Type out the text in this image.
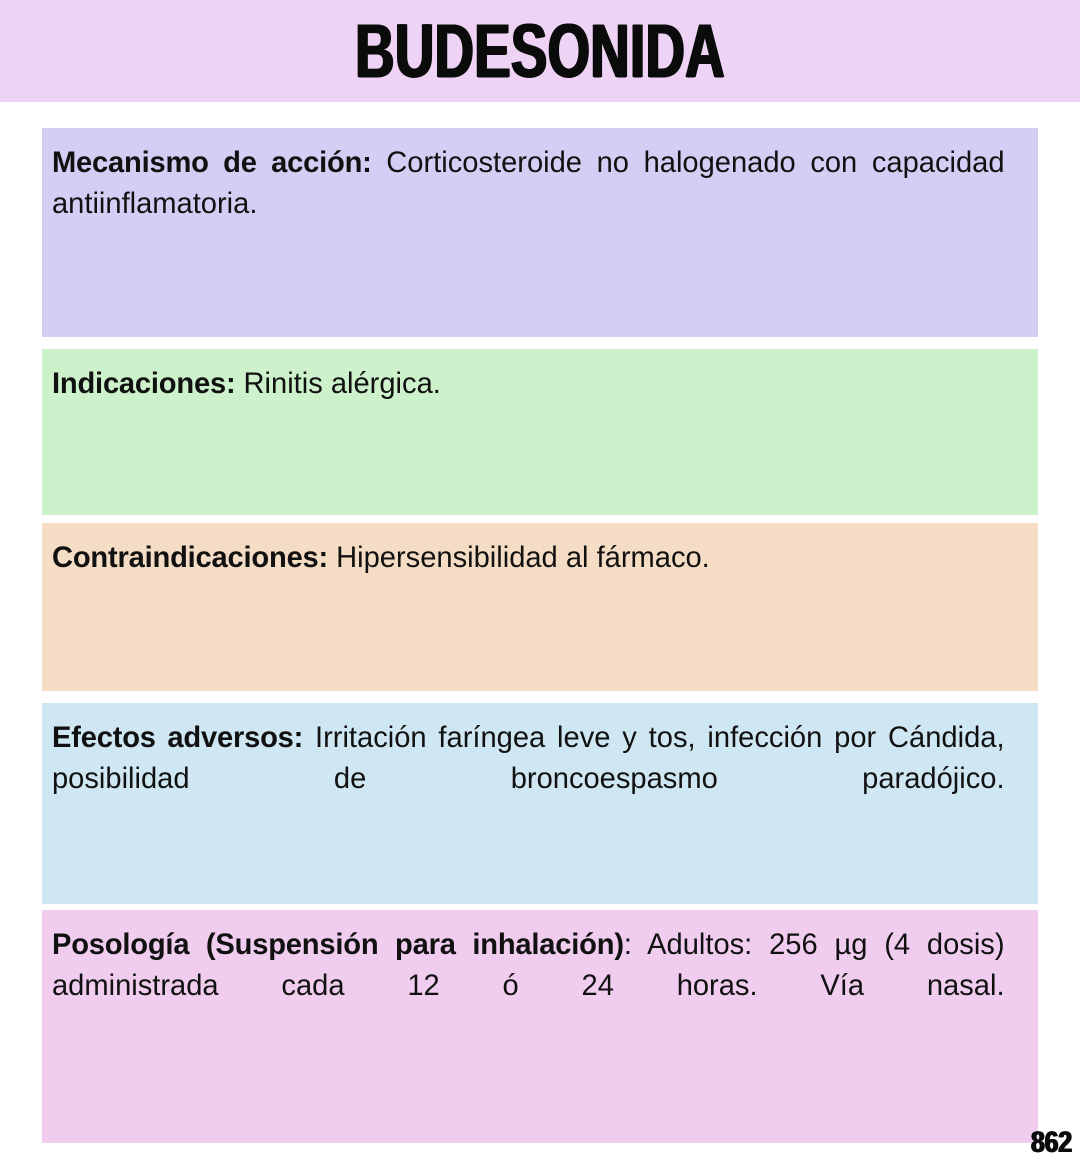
BUDESONIDA

Mecanismo de acción: Corticosteroide no halogenado con capacidad antiinflamatoria.

Indicaciones: Rinitis alérgica.

Contraindicaciones: Hipersensibilidad al fármaco.

Efectos adversos: Irritación faríngea leve y tos, infección por Cándida, posibilidad de broncoespasmo paradójico.

Posología (Suspensión para inhalación): Adultos: 256 µg (4 dosis) administrada cada 12 ó 24 horas. Vía nasal.

862
